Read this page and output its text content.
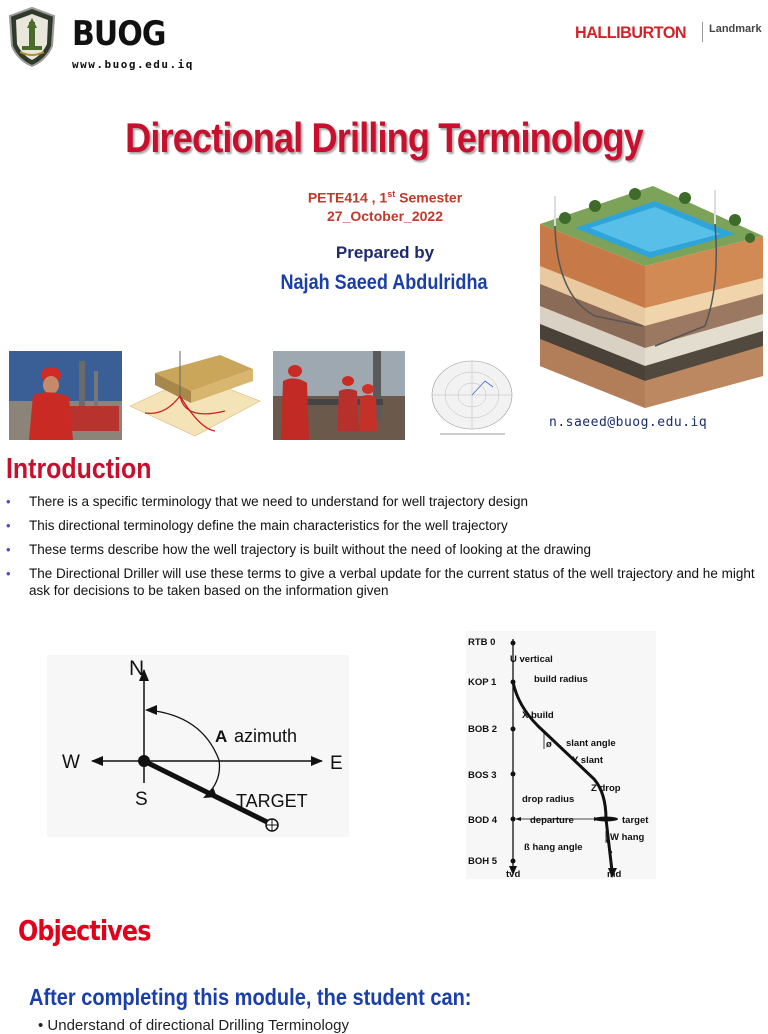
BUOG
www.buog.edu.iq
HALLIBURTON Landmark
Directional Drilling Terminology
PETE414 , 1st Semester
27_October_2022
Prepared by
Najah Saeed Abdulridha
n.saeed@buog.edu.iq
Introduction
• There is a specific terminology that we need to understand for well trajectory design
• This directional terminology define the main characteristics for the well trajectory
• These terms describe how the well trajectory is built without the need of looking at the drawing
• The Directional Driller will use these terms to give a verbal update for the current status of the well trajectory and he might ask for decisions to be taken based on the information given
N
S
E
W
A azimuth
TARGET
RTB 0
KOP 1
BOB 2
BOS 3
BOD 4
BOH 5
U vertical
build radius
X build
ø slant angle
Y slant
Z drop
drop radius
departure	target
W hang
ß hang angle
tvd	md
Objectives
After completing this module, the student can:
• Understand of directional Drilling Terminology
